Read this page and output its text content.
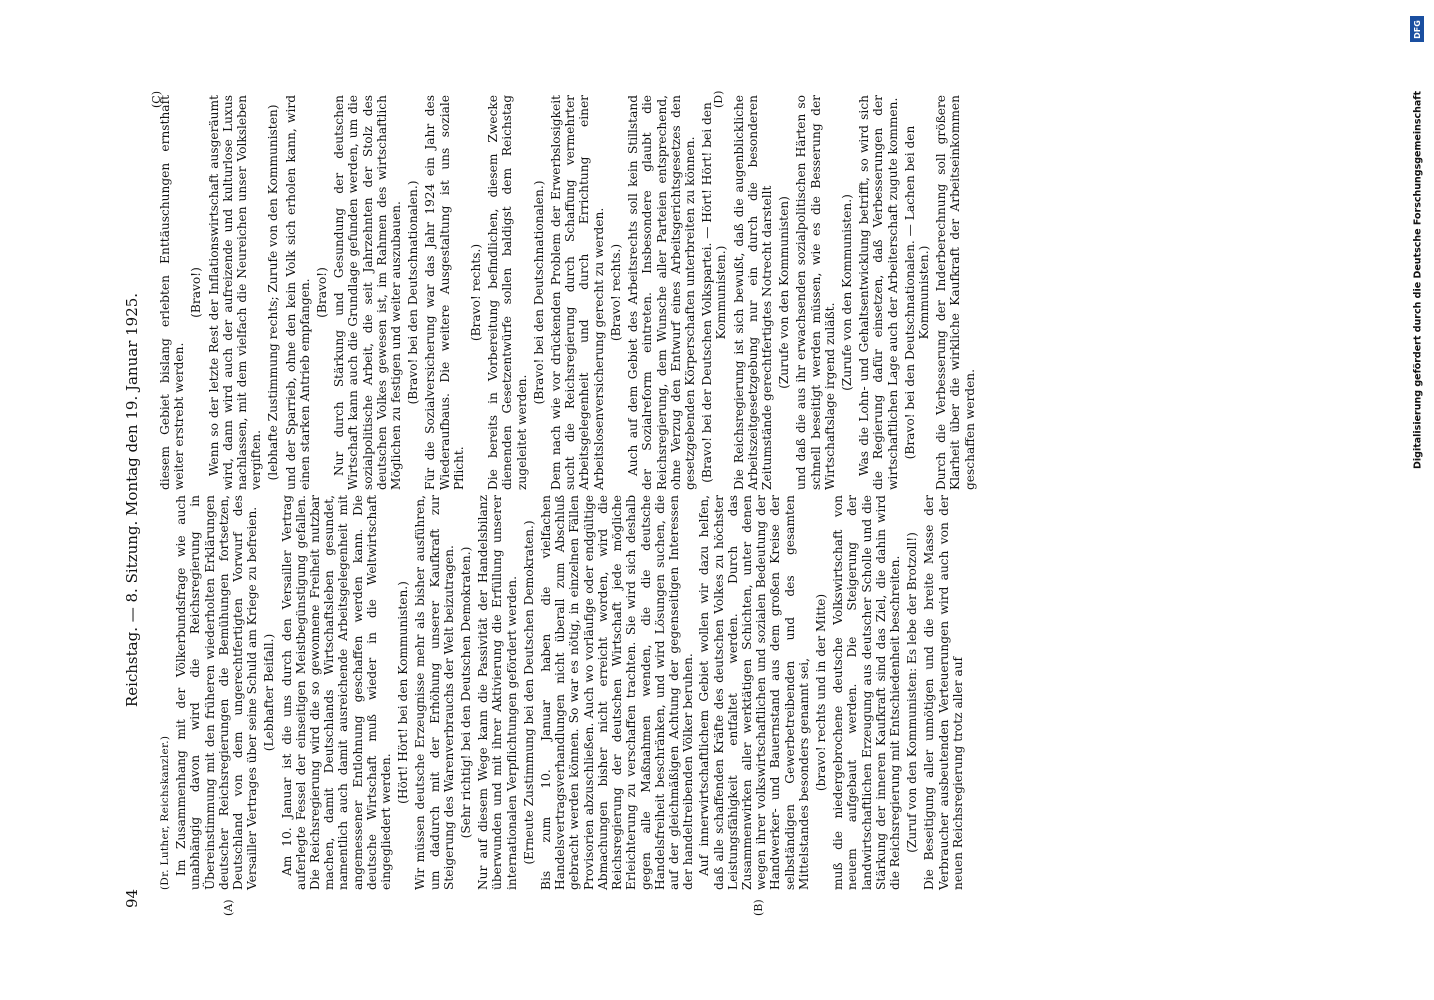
94
Reichstag. — 8. Sitzung. Montag den 19. Januar 1925.
(A)	(B)
(C)	(D)

(Dr. Luther, Reichskanzler.) Im Zusammenhang mit der Völkerbundsfrage wie auch unabhängig davon wird die Reichsregierung in Übereinstimmung mit den früheren wiederholten Erklärungen deutscher Reichsregierungen die Bemühungen fortsetzen, Deutschland von dem ungerechtfertigten Vorwurf des Versailler Vertrages über seine Schuld am Kriege zu befreien. (Lebhafter Beifall.) Am 10. Januar ist die uns durch den Versailler Vertrag auferlegte Fessel der einseitigen Meistbegünstigung gefallen. Die Reichsregierung wird die so gewonnene Freiheit nutzbar machen, damit Deutschlands Wirtschaftsleben gesundet, namentlich auch damit ausreichende Arbeitsgelegenheit mit angemessener Entlohnung geschaffen werden kann. Die deutsche Wirtschaft muß wieder in die Weltwirtschaft eingegliedert werden.

(Hört! Hört! bei den Kommunisten.) Wir müssen deutsche Erzeugnisse mehr als bisher ausführen, um dadurch mit der Erhöhung unserer Kaufkraft zur Steigerung des Warenverbrauchs der Welt beizutragen. (Sehr richtig! bei den Deutschen Demokraten.) Nur auf diesem Wege kann die Passivität der Handelsbilanz überwunden und mit ihrer Aktivierung die Erfüllung unserer internationalen Verpflichtungen gefördert werden. (Erneute Zustimmung bei den Deutschen Demokraten.) Bis zum 10. Januar haben die vielfachen Handelsvertragsverhandlungen nicht überall zum Abschluß gebracht werden können. So war es nötig, in einzelnen Fällen Provisorien abzuschließen. Auch wo vorläufige oder endgültige Abmachungen bisher nicht erreicht worden, wird die Reichsregierung der deutschen Wirtschaft jede mögliche Erleichterung zu verschaffen trachten. Sie wird sich deshalb gegen alle Maßnahmen wenden, die die deutsche Handelsfreiheit beschränken, und wird Lösungen suchen, die auf der gleichmäßigen Achtung der gegenseitigen Interessen der handeltreibenden Völker beruhen. Auf innerwirtschaftlichem Gebiet wollen wir dazu helfen, daß alle schaffenden Kräfte des deutschen Volkes zu höchster Leistungsfähigkeit entfaltet werden. Durch das Zusammenwirken aller werktätigen Schichten, unter denen wegen ihrer volkswirtschaftlichen und sozialen Bedeutung der Handwerker- und Bauernstand aus dem großen Kreise der selbständigen Gewerbetreibenden und des gesamten Mittelstandes besonders genannt sei, (bravo! rechts und in der Mitte) muß die niedergebrochene deutsche Volkswirtschaft von neuem aufgebaut werden. Die Steigerung der landwirtschaftlichen Erzeugung aus deutscher Scholle und die Stärkung der inneren Kaufkraft sind das Ziel, die dahin wird die Reichsregierung mit Entschiedenheit beschreiten. (Zuruf von den Kommunisten: Es lebe der Brotzoll!) Die Beseitigung aller unnötigen und die breite Masse der Verbraucher ausbeutenden Verteuerungen wird auch von der neuen Reichsregierung trotz aller auf

diesem Gebiet bislang erlebten Enttäuschungen ernsthaft weiter erstrebt werden.

(Bravo!) Wenn so der letzte Rest der Inflationswirtschaft ausgeräumt wird, dann wird auch der aufreizende und kulturlose Luxus nachlassen, mit dem vielfach die Neureichen unser Volksleben vergiften. (lebhafte Zustimmung rechts; Zurufe von den Kommunisten) und der Sparrieb, ohne den kein Volk sich erholen kann, wird einen starken Antrieb empfangen. (Bravo!) Nur durch Stärkung und Gesundung der deutschen Wirtschaft kann auch die Grundlage gefunden werden, um die sozialpolitische Arbeit, die seit Jahrzehnten der Stolz des deutschen Volkes gewesen ist, im Rahmen des wirtschaftlich Möglichen zu festigen und weiter auszubauen. (Bravo! bei den Deutschnationalen.) Für die Sozialversicherung war das Jahr 1924 ein Jahr des Wiederaufbaus. Die weitere Ausgestaltung ist uns soziale Pflicht.

(Bravo! rechts.) Die bereits in Vorbereitung befindlichen, diesem Zwecke dienenden Gesetzentwürfe sollen baldigst dem Reichstag zugeleitet werden.

(Bravo! bei den Deutschnationalen.) Dem nach wie vor drückenden Problem der Erwerbslosigkeit sucht die Reichsregierung durch Schaffung vermehrter Arbeitsgelegenheit und durch Errichtung einer Arbeitslosenversicherung gerecht zu werden. (Bravo! rechts.) Auch auf dem Gebiet des Arbeitsrechts soll kein Stillstand der Sozialreform eintreten. Insbesondere glaubt die Reichsregierung, dem Wunsche aller Parteien entsprechend, ohne Verzug den Entwurf eines Arbeitsgerichtsgesetzes den gesetzgebenden Körperschaften unterbreiten zu können. (Bravo! bei der Deutschen Volkspartei. — Hört! Hört! bei den Kommunisten.) Die Reichsregierung ist sich bewußt, daß die augenblickliche Arbeitszeitgesetzgebung nur ein durch die besonderen Zeitumstände gerechtfertigtes Notrecht darstellt (Zurufe von den Kommunisten) und daß die aus ihr erwachsenden sozialpolitischen Härten so schnell beseitigt werden müssen, wie es die Besserung der Wirtschaftslage irgend zuläßt.

(Zurufe von den Kommunisten.) Was die Lohn- und Gehaltsentwicklung betrifft, so wird sich die Regierung dafür einsetzen, daß Verbesserungen der wirtschaftlichen Lage auch der Arbeiterschaft zugute kommen. (Bravo! bei den Deutschnationalen. — Lachen bei den Kommunisten.) Durch die Verbesserung der Inderberechnung soll größere Klarheit über die wirkliche Kaufkraft der Arbeitseinkommen geschaffen werden.

DFG
Digitalisierung gefördert durch die Deutsche Forschungsgemeinschaft
